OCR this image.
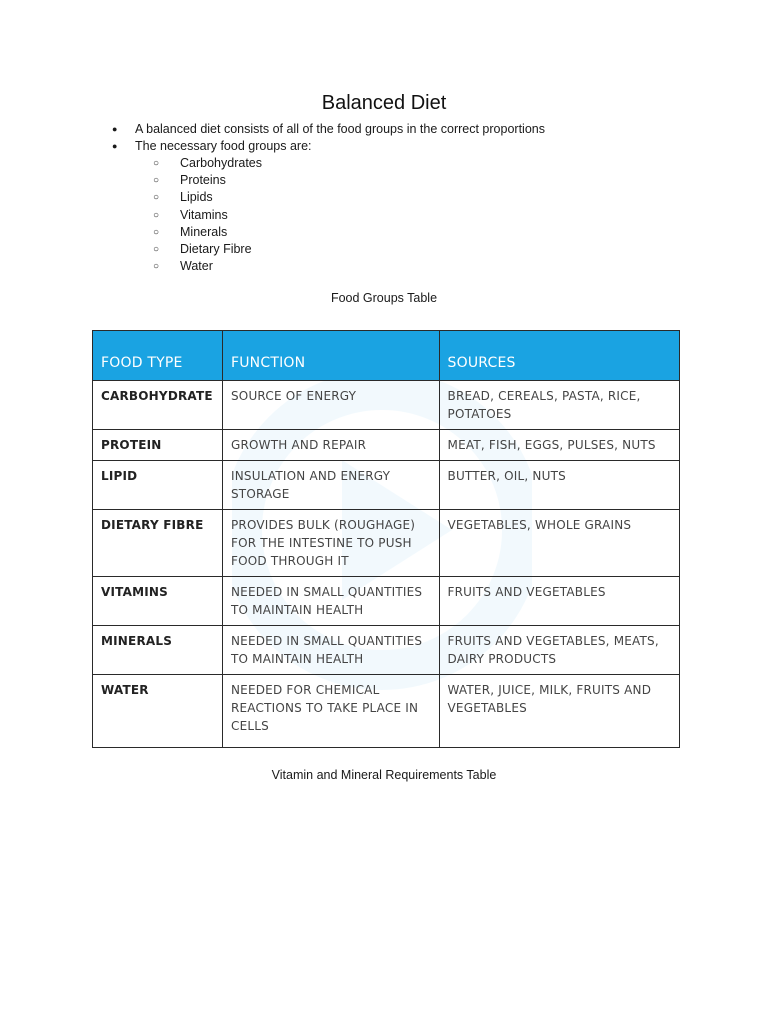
Balanced Diet
● A balanced diet consists of all of the food groups in the correct proportions
● The necessary food groups are:
○ Carbohydrates
○ Proteins
○ Lipids
○ Vitamins
○ Minerals
○ Dietary Fibre
○ Water
Food Groups Table
FOOD TYPE	FUNCTION	SOURCES
CARBOHYDRATE	SOURCE OF ENERGY	BREAD, CEREALS, PASTA, RICE, POTATOES
PROTEIN	GROWTH AND REPAIR	MEAT, FISH, EGGS, PULSES, NUTS
LIPID	INSULATION AND ENERGY STORAGE	BUTTER, OIL, NUTS
DIETARY FIBRE	PROVIDES BULK (ROUGHAGE) FOR THE INTESTINE TO PUSH FOOD THROUGH IT	VEGETABLES, WHOLE GRAINS
VITAMINS	NEEDED IN SMALL QUANTITIES TO MAINTAIN HEALTH	FRUITS AND VEGETABLES
MINERALS	NEEDED IN SMALL QUANTITIES TO MAINTAIN HEALTH	FRUITS AND VEGETABLES, MEATS, DAIRY PRODUCTS
WATER	NEEDED FOR CHEMICAL REACTIONS TO TAKE PLACE IN CELLS	WATER, JUICE, MILK, FRUITS AND VEGETABLES
Vitamin and Mineral Requirements Table
